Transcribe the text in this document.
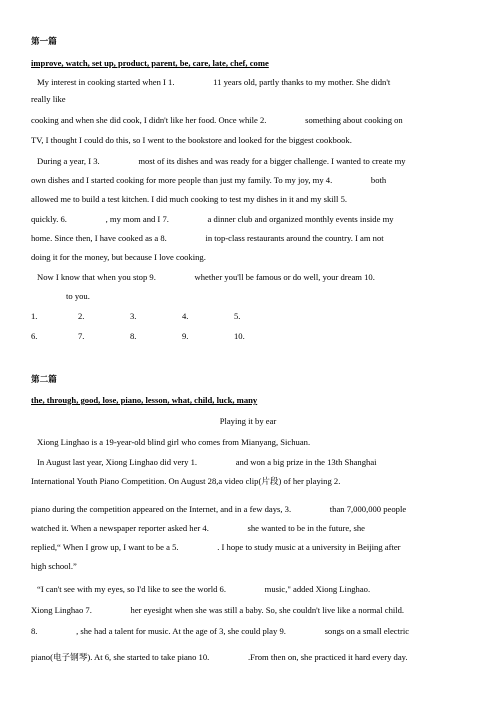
第一篇
improve, watch, set up, product, parent, be, care, late, chef, come
My interest in cooking started when I 1.                  11 years old, partly thanks to my mother. She didn't
really like
cooking and when she did cook, I didn't like her food. Once while 2.                  something about cooking on
TV, I thought I could do this, so I went to the bookstore and looked for the biggest cookbook.
During a year, I 3.                  most of its dishes and was ready for a bigger challenge. I wanted to create my
own dishes and I started cooking for more people than just my family. To my joy, my 4.                  both
allowed me to build a test kitchen. I did much cooking to test my dishes in it and my skill 5.
quickly. 6.                  , my mom and I 7.                  a dinner club and organized monthly events inside my
home. Since then, I have cooked as a 8.                  in top-class restaurants around the country. I am not
doing it for the money, but because I love cooking.
Now I know that when you stop 9.                  whether you'll be famous or do well, your dream 10.
to you.
1.	2.	3.	4.	5.
6.	7.	8.	9.	10.
第二篇
the, through, good, lose, piano, lesson, what, child, luck, many
Playing it by ear
Xiong Linghao is a 19-year-old blind girl who comes from Mianyang, Sichuan.
In August last year, Xiong Linghao did very 1.                  and won a big prize in the 13th Shanghai
International Youth Piano Competition. On August 28,a video clip(片段) of her playing 2.
piano during the competition appeared on the Internet, and in a few days, 3.                  than 7,000,000 people
watched it. When a newspaper reporter asked her 4.                  she wanted to be in the future, she
replied,“ When I grow up, I want to be a 5.                  . I hope to study music at a university in Beijing after
high school.”
“I can't see with my eyes, so I'd like to see the world 6.                  music," added Xiong Linghao.
Xiong Linghao 7.                  her eyesight when she was still a baby. So, she couldn't live like a normal child.
8.                  , she had a talent for music. At the age of 3, she could play 9.                  songs on a small electric
piano(电子钢琴). At 6, she started to take piano 10.                  .From then on, she practiced it hard every day.
